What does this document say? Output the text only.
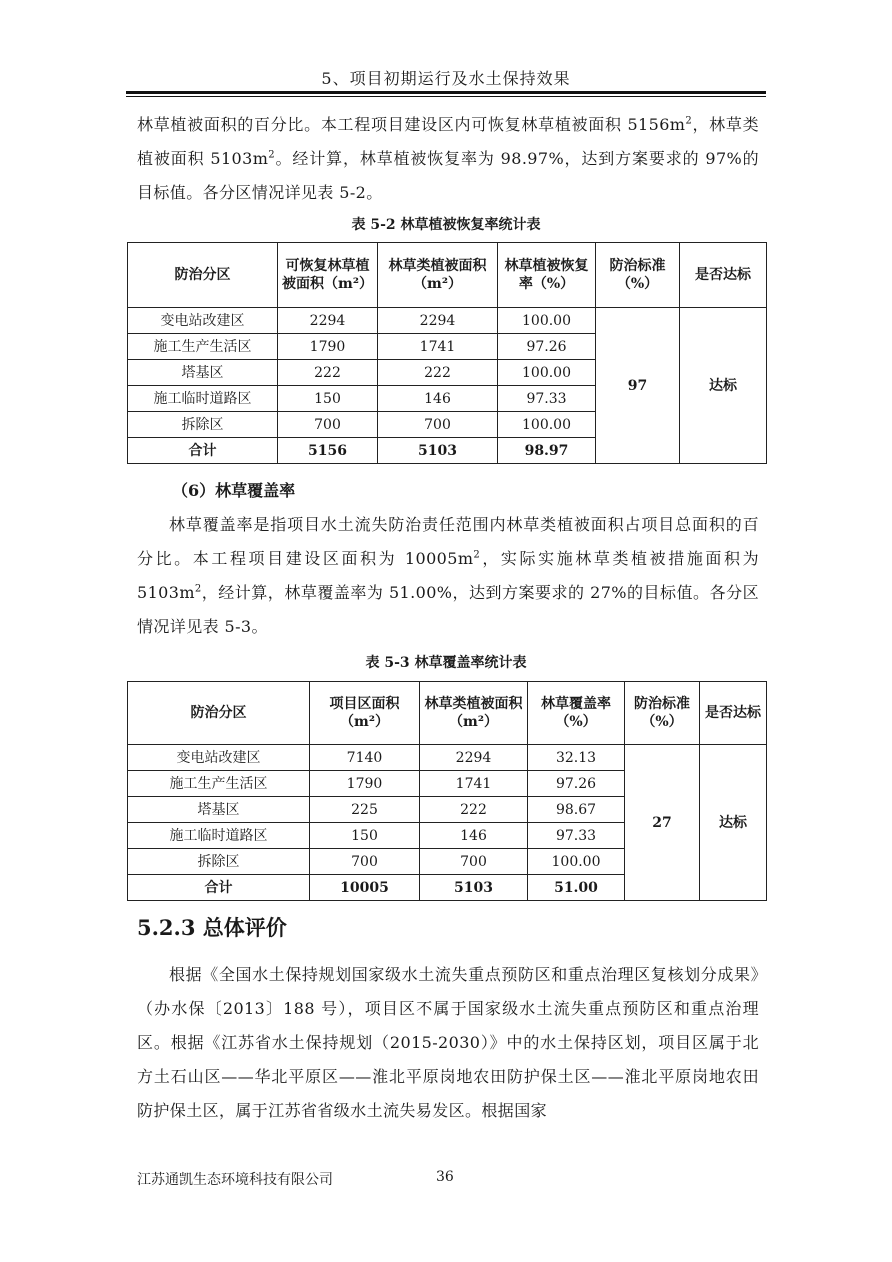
5、项目初期运行及水土保持效果

林草植被面积的百分比。本工程项目建设区内可恢复林草植被面积 $5156m^2$，林草类植被面积 $5103m^2$。经计算，林草植被恢复率为 98.97%，达到方案要求的 97%的目标值。各分区情况详见表 5-2。

表 5-2 林草植被恢复率统计表
防治分区	可恢复林草植被面积（m²）	林草类植被面积（m²）	林草植被恢复率（%）	防治标准（%）	是否达标
变电站改建区	2294	2294	100.00	97	达标
施工生产生活区	1790	1741	97.26		
塔基区	222	222	100.00		
施工临时道路区	150	146	97.33		
拆除区	700	700	100.00		
合计	5156	5103	98.97		
（6）林草覆盖率

林草覆盖率是指项目水土流失防治责任范围内林草类植被面积占项目总面积的百分比。本工程项目建设区面积为 $10005m^2$，实际实施林草类植被措施面积为 $5103m^2$，经计算，林草覆盖率为 51.00%，达到方案要求的 27%的目标值。各分区情况详见表 5-3。

表 5-3 林草覆盖率统计表
防治分区	项目区面积（m²）	林草类植被面积（m²）	林草覆盖率（%）	防治标准（%）	是否达标
变电站改建区	7140	2294	32.13	27	达标
施工生产生活区	1790	1741	97.26		
塔基区	225	222	98.67		
施工临时道路区	150	146	97.33		
拆除区	700	700	100.00		
合计	10005	5103	51.00		
5.2.3 总体评价

根据《全国水土保持规划国家级水土流失重点预防区和重点治理区复核划分成果》（办水保〔2013〕188 号），项目区不属于国家级水土流失重点预防区和重点治理区。根据《江苏省水土保持规划（2015-2030）》中的水土保持区划，项目区属于北方土石山区——华北平原区——淮北平原岗地农田防护保土区——淮北平原岗地农田防护保土区，属于江苏省省级水土流失易发区。根据国家

江苏通凯生态环境科技有限公司	36
